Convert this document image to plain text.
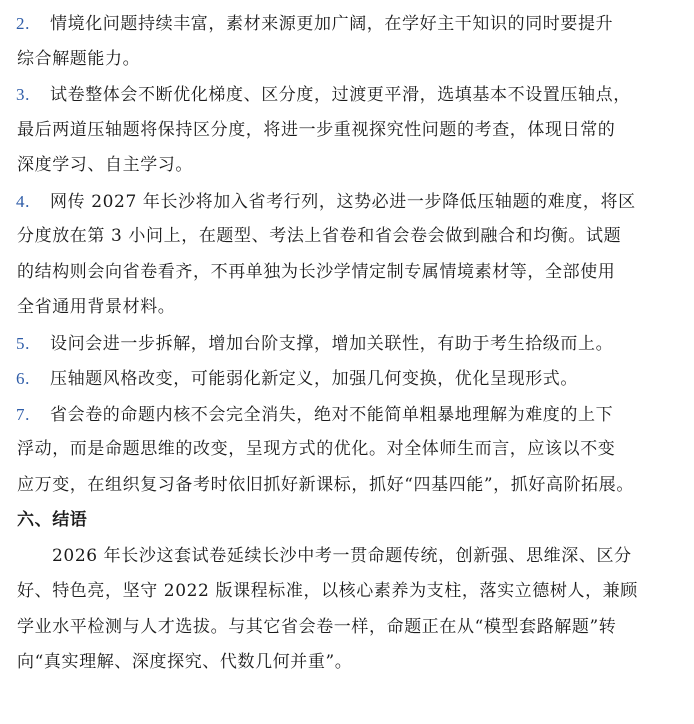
2. 情境化问题持续丰富，素材来源更加广阔，在学好主干知识的同时要提升
综合解题能力。
3. 试卷整体会不断优化梯度、区分度，过渡更平滑，选填基本不设置压轴点，
最后两道压轴题将保持区分度，将进一步重视探究性问题的考查，体现日常的
深度学习、自主学习。
4. 网传 2027 年长沙将加入省考行列，这势必进一步降低压轴题的难度，将区
分度放在第 3 小问上，在题型、考法上省卷和省会卷会做到融合和均衡。试题
的结构则会向省卷看齐，不再单独为长沙学情定制专属情境素材等，全部使用
全省通用背景材料。
5. 设问会进一步拆解，增加台阶支撑，增加关联性，有助于考生拾级而上。
6. 压轴题风格改变，可能弱化新定义，加强几何变换，优化呈现形式。
7. 省会卷的命题内核不会完全消失，绝对不能简单粗暴地理解为难度的上下
浮动，而是命题思维的改变，呈现方式的优化。对全体师生而言，应该以不变
应万变，在组织复习备考时依旧抓好新课标，抓好“四基四能”，抓好高阶拓展。
六、结语
2026 年长沙这套试卷延续长沙中考一贯命题传统，创新强、思维深、区分
好、特色亮，坚守 2022 版课程标准，以核心素养为支柱，落实立德树人，兼顾
学业水平检测与人才选拔。与其它省会卷一样，命题正在从“模型套路解题”转
向“真实理解、深度探究、代数几何并重”。
